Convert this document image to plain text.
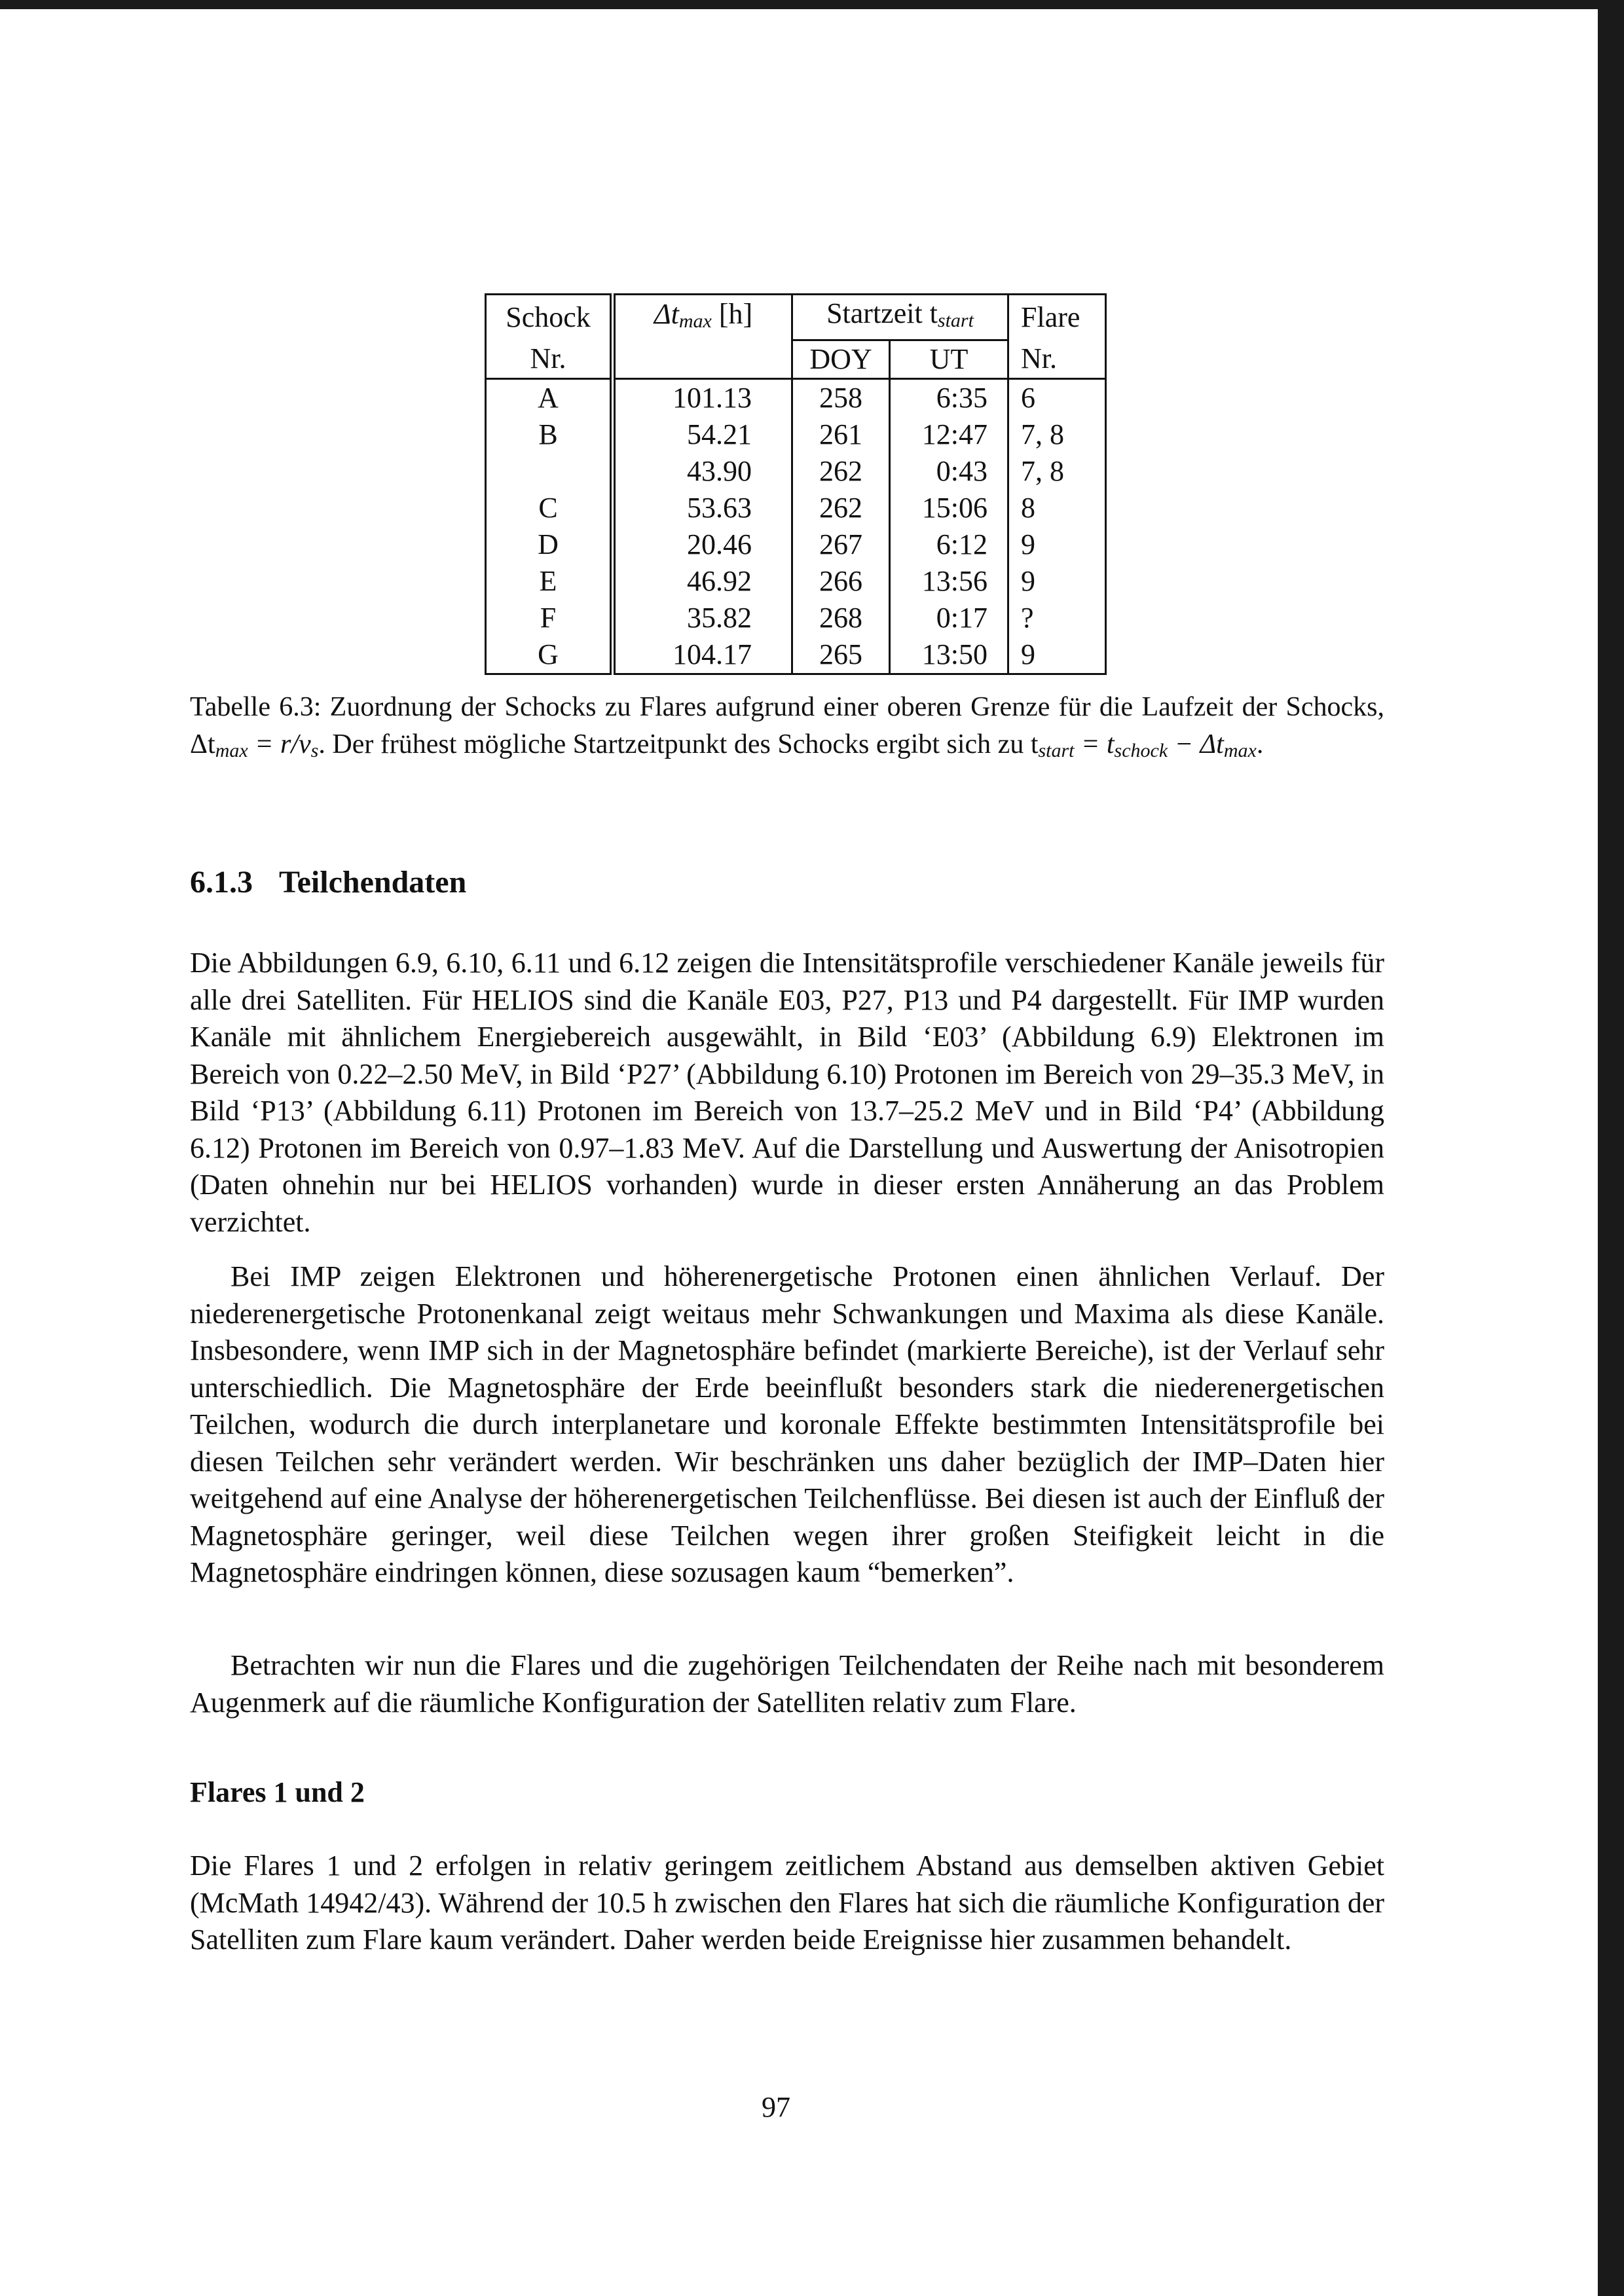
Schock	Δtmax [h]	Startzeit tstart		Flare
Nr.		DOY	UT	Nr.
A	101.13	258	6:35	6
B	54.21	261	12:47	7, 8
	43.90	262	0:43	7, 8
C	53.63	262	15:06	8
D	20.46	267	6:12	9
E	46.92	266	13:56	9
F	35.82	268	0:17	?
G	104.17	265	13:50	9
Tabelle 6.3: Zuordnung der Schocks zu Flares aufgrund einer oberen Grenze für die Laufzeit der Schocks, Δtmax = r/vs. Der frühest mögliche Startzeitpunkt des Schocks ergibt sich zu tstart = tschock − Δtmax.
6.1.3 Teilchendaten

Die Abbildungen 6.9, 6.10, 6.11 und 6.12 zeigen die Intensitätsprofile verschiedener Kanäle jeweils für alle drei Satelliten. Für HELIOS sind die Kanäle E03, P27, P13 und P4 dargestellt. Für IMP wurden Kanäle mit ähnlichem Energiebereich ausgewählt, in Bild ‘E03’ (Abbildung 6.9) Elektronen im Bereich von 0.22–2.50 MeV, in Bild ‘P27’ (Abbildung 6.10) Protonen im Bereich von 29–35.3 MeV, in Bild ‘P13’ (Abbildung 6.11) Protonen im Bereich von 13.7–25.2 MeV und in Bild ‘P4’ (Abbildung 6.12) Protonen im Bereich von 0.97–1.83 MeV. Auf die Darstellung und Auswertung der Anisotropien (Daten ohnehin nur bei HELIOS vorhanden) wurde in dieser ersten Annäherung an das Problem verzichtet.

Bei IMP zeigen Elektronen und höherenergetische Protonen einen ähnlichen Verlauf. Der niederenergetische Protonenkanal zeigt weitaus mehr Schwankungen und Maxima als diese Kanäle. Insbesondere, wenn IMP sich in der Magnetosphäre befindet (markierte Bereiche), ist der Verlauf sehr unterschiedlich. Die Magnetosphäre der Erde beeinflußt besonders stark die niederenergetischen Teilchen, wodurch die durch interplanetare und koronale Effekte bestimmten Intensitätsprofile bei diesen Teilchen sehr verändert werden. Wir beschränken uns daher bezüglich der IMP–Daten hier weitgehend auf eine Analyse der höherenergetischen Teilchenflüsse. Bei diesen ist auch der Einfluß der Magnetosphäre geringer, weil diese Teilchen wegen ihrer großen Steifigkeit leicht in die Magnetosphäre eindringen können, diese sozusagen kaum “bemerken”.

Betrachten wir nun die Flares und die zugehörigen Teilchendaten der Reihe nach mit besonderem Augenmerk auf die räumliche Konfiguration der Satelliten relativ zum Flare.

Flares 1 und 2

Die Flares 1 und 2 erfolgen in relativ geringem zeitlichem Abstand aus demselben aktiven Gebiet (McMath 14942/43). Während der 10.5 h zwischen den Flares hat sich die räumliche Konfiguration der Satelliten zum Flare kaum verändert. Daher werden beide Ereignisse hier zusammen behandelt.

97
